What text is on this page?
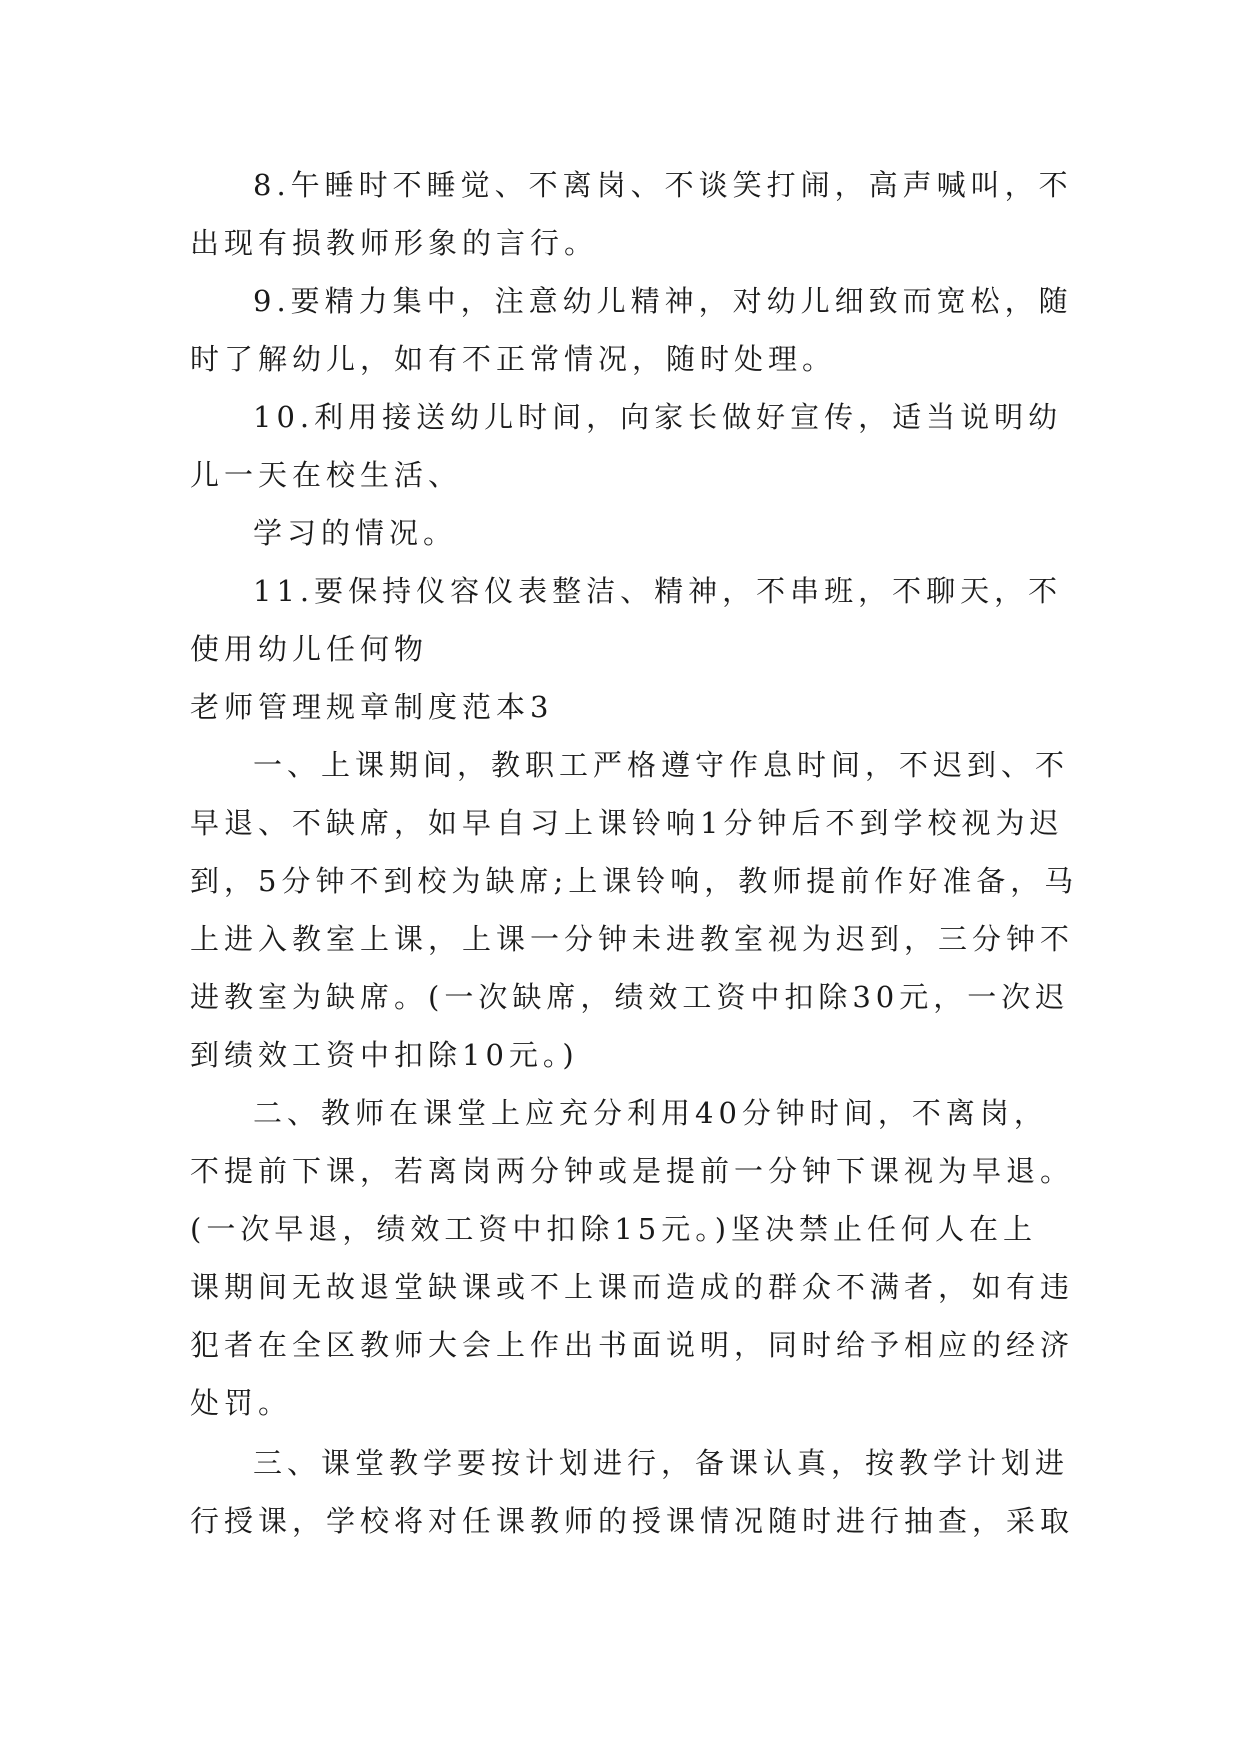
8.午睡时不睡觉、不离岗、不谈笑打闹，高声喊叫，不
出现有损教师形象的言行。
9.要精力集中，注意幼儿精神，对幼儿细致而宽松，随
时了解幼儿，如有不正常情况，随时处理。
10.利用接送幼儿时间，向家长做好宣传，适当说明幼
儿一天在校生活、
学习的情况。
11.要保持仪容仪表整洁、精神，不串班，不聊天，不
使用幼儿任何物
老师管理规章制度范本3
一、上课期间，教职工严格遵守作息时间，不迟到、不
早退、不缺席，如早自习上课铃响1分钟后不到学校视为迟
到，5分钟不到校为缺席;上课铃响，教师提前作好准备，马
上进入教室上课，上课一分钟未进教室视为迟到，三分钟不
进教室为缺席。(一次缺席，绩效工资中扣除30元，一次迟
到绩效工资中扣除10元。)
二、教师在课堂上应充分利用40分钟时间，不离岗，
不提前下课，若离岗两分钟或是提前一分钟下课视为早退。
(一次早退，绩效工资中扣除15元。)坚决禁止任何人在上
课期间无故退堂缺课或不上课而造成的群众不满者，如有违
犯者在全区教师大会上作出书面说明，同时给予相应的经济
处罚。
三、课堂教学要按计划进行，备课认真，按教学计划进
行授课，学校将对任课教师的授课情况随时进行抽查，采取
